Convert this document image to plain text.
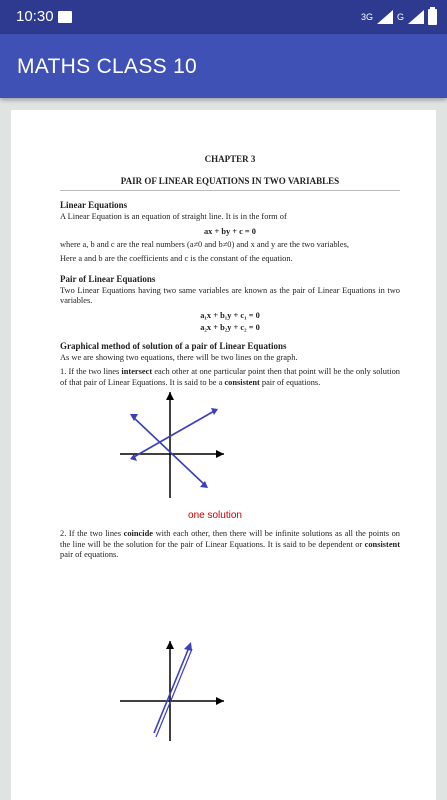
10:30	3G	G
MATHS CLASS 10
CHAPTER 3
PAIR OF LINEAR EQUATIONS IN TWO VARIABLES
Linear Equations

A Linear Equation is an equation of straight line. It is in the form of

ax + by + c = 0

where a, b and c are the real numbers (a≠0 and b≠0) and x and y are the two variables,

Here a and b are the coefficients and c is the constant of the equation.

Pair of Linear Equations

Two Linear Equations having two same variables are known as the pair of Linear Equations in two variables.

a₁x + b₁y + c₁ = 0
a₂x + b₂y + c₂ = 0
Graphical method of solution of a pair of Linear Equations

As we are showing two equations, there will be two lines on the graph.

1. If the two lines intersect each other at one particular point then that point will be the only solution of that pair of Linear Equations. It is said to be a consistent pair of equations.

one solution

2. If the two lines coincide with each other, then there will be infinite solutions as all the points on the line will be the solution for the pair of Linear Equations. It is said to be dependent or consistent pair of equations.
